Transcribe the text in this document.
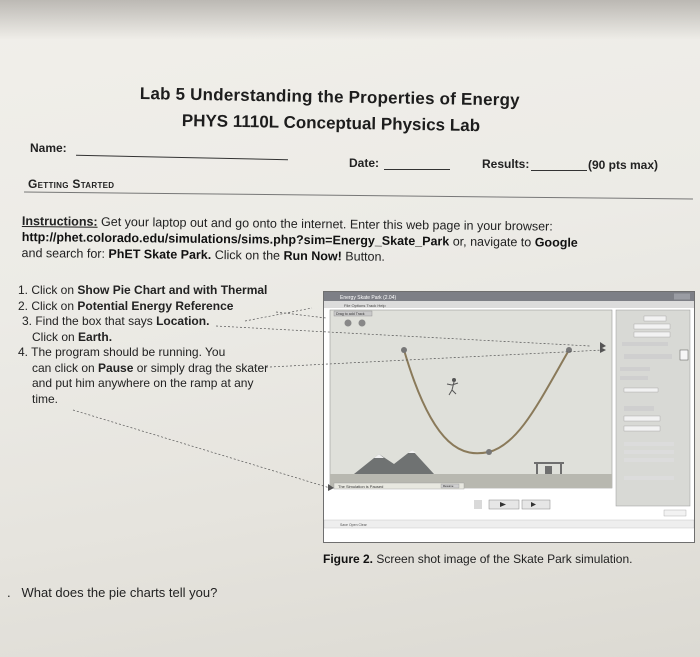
Lab 5 Understanding the Properties of Energy
PHYS 1110L Conceptual Physics Lab
Name:
Date:	Results:	(90 pts max)
Getting Started
Instructions: Get your laptop out and go onto the internet. Enter this web page in your browser:
http://phet.colorado.edu/simulations/sims.php?sim=Energy_Skate_Park or, navigate to Google
and search for: PhET Skate Park. Click on the Run Now! Button.

1. Click on Show Pie Chart and with Thermal

2. Click on Potential Energy Reference

3. Find the box that says Location.

Click on Earth.

4. The program should be running. You

can click on Pause or simply drag the skater

and put him anywhere on the ramp at any

time.

Energy Skate Park (2.04)
File Options Track Help
Drag to add Track
The Simulation is Paused	Resume
Save Open Clear
Figure 2. Screen shot image of the Skate Park simulation.
. What does the pie charts tell you?
